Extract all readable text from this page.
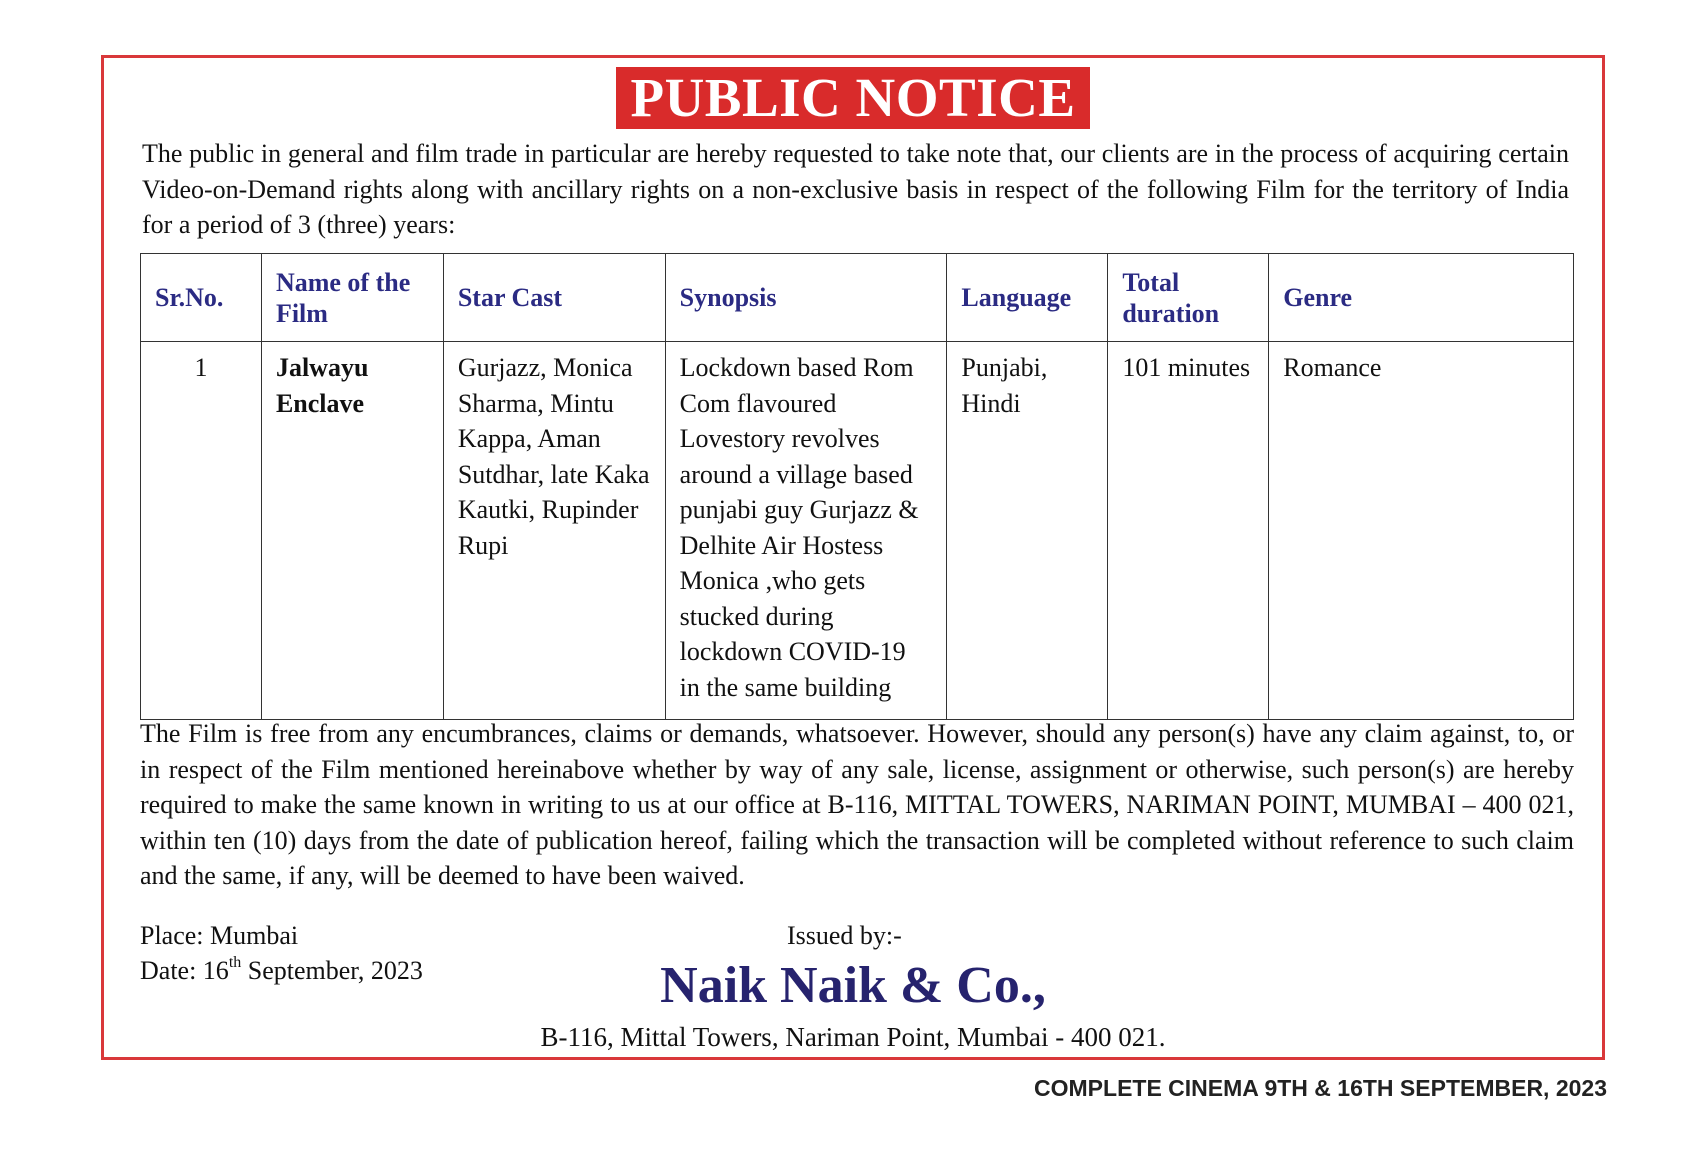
PUBLIC NOTICE

The public in general and film trade in particular are hereby requested to take note that, our clients are in the process of acquiring certain Video-on-Demand rights along with ancillary rights on a non-exclusive basis in respect of the following Film for the territory of India for a period of 3 (three) years:

Sr.No.	Name of the Film	Star Cast	Synopsis	Language	Total duration	Genre
1	Jalwayu Enclave	Gurjazz, Monica Sharma, Mintu Kappa, Aman Sutdhar, late Kaka Kautki, Rupinder Rupi	Lockdown based Rom Com flavoured Lovestory revolves around a village based punjabi guy Gurjazz & Delhite Air Hostess Monica ,who gets stucked during lockdown COVID-19 in the same building	Punjabi, Hindi	101 minutes	Romance

The Film is free from any encumbrances, claims or demands, whatsoever. However, should any person(s) have any claim against, to, or in respect of the Film mentioned hereinabove whether by way of any sale, license, assignment or otherwise, such person(s) are hereby required to make the same known in writing to us at our office at B-116, MITTAL TOWERS, NARIMAN POINT, MUMBAI – 400 021, within ten (10) days from the date of publication hereof, failing which the transaction will be completed without reference to such claim and the same, if any, will be deemed to have been waived.

Place: Mumbai
Date: 16th September, 2023
Issued by:-
Naik Naik & Co.,
B-116, Mittal Towers, Nariman Point, Mumbai - 400 021.
COMPLETE CINEMA 9TH & 16TH SEPTEMBER, 2023
